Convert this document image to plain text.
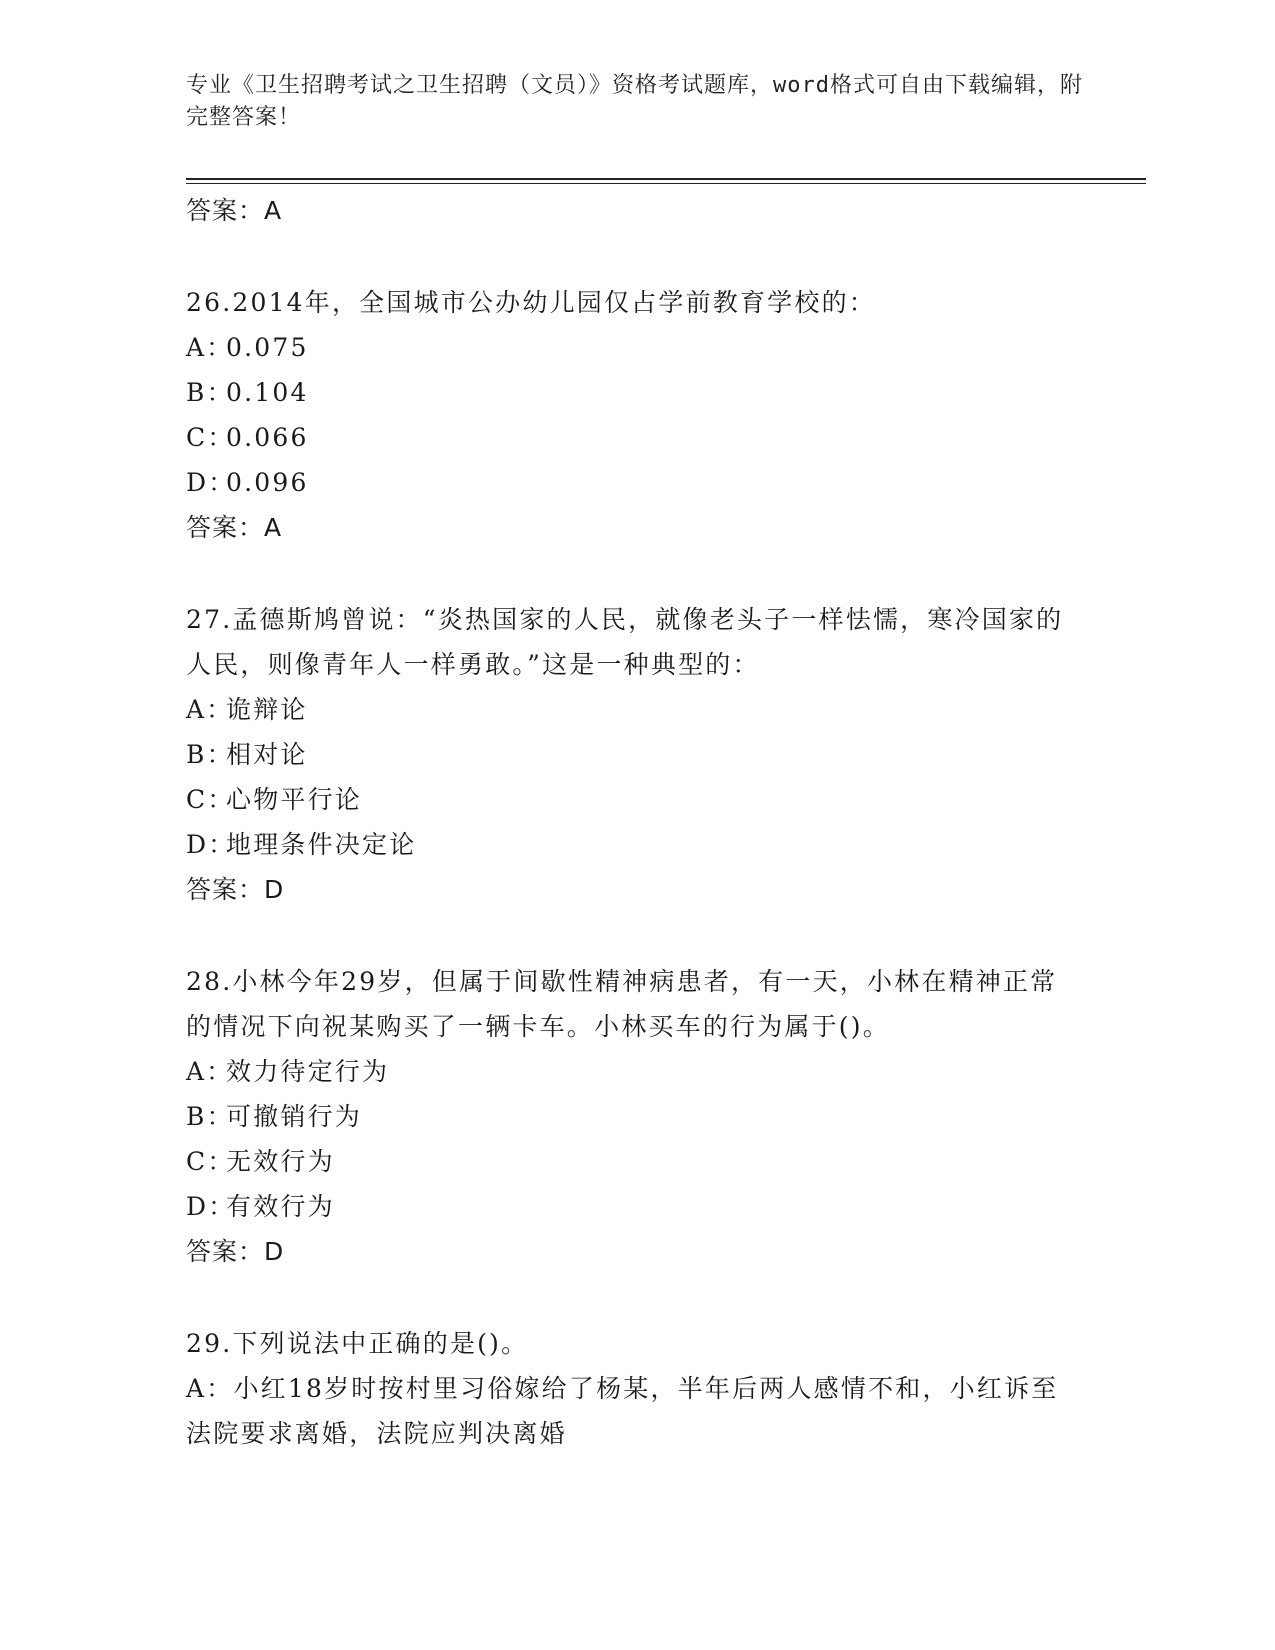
专业《卫生招聘考试之卫生招聘（文员）》资格考试题库，word格式可自由下载编辑，附完整答案！
答案：A
26.2014年，全国城市公办幼儿园仅占学前教育学校的：
A：0.075
B：0.104
C：0.066
D：0.096
答案：A
27.孟德斯鸠曾说：“炎热国家的人民，就像老头子一样怯懦，寒冷国家的人民，则像青年人一样勇敢。”这是一种典型的：
A：诡辩论
B：相对论
C：心物平行论
D：地理条件决定论
答案：D
28.小林今年29岁，但属于间歇性精神病患者，有一天，小林在精神正常的情况下向祝某购买了一辆卡车。小林买车的行为属于()。
A：效力待定行为
B：可撤销行为
C：无效行为
D：有效行为
答案：D
29.下列说法中正确的是()。
A：小红18岁时按村里习俗嫁给了杨某，半年后两人感情不和，小红诉至法院要求离婚，法院应判决离婚
